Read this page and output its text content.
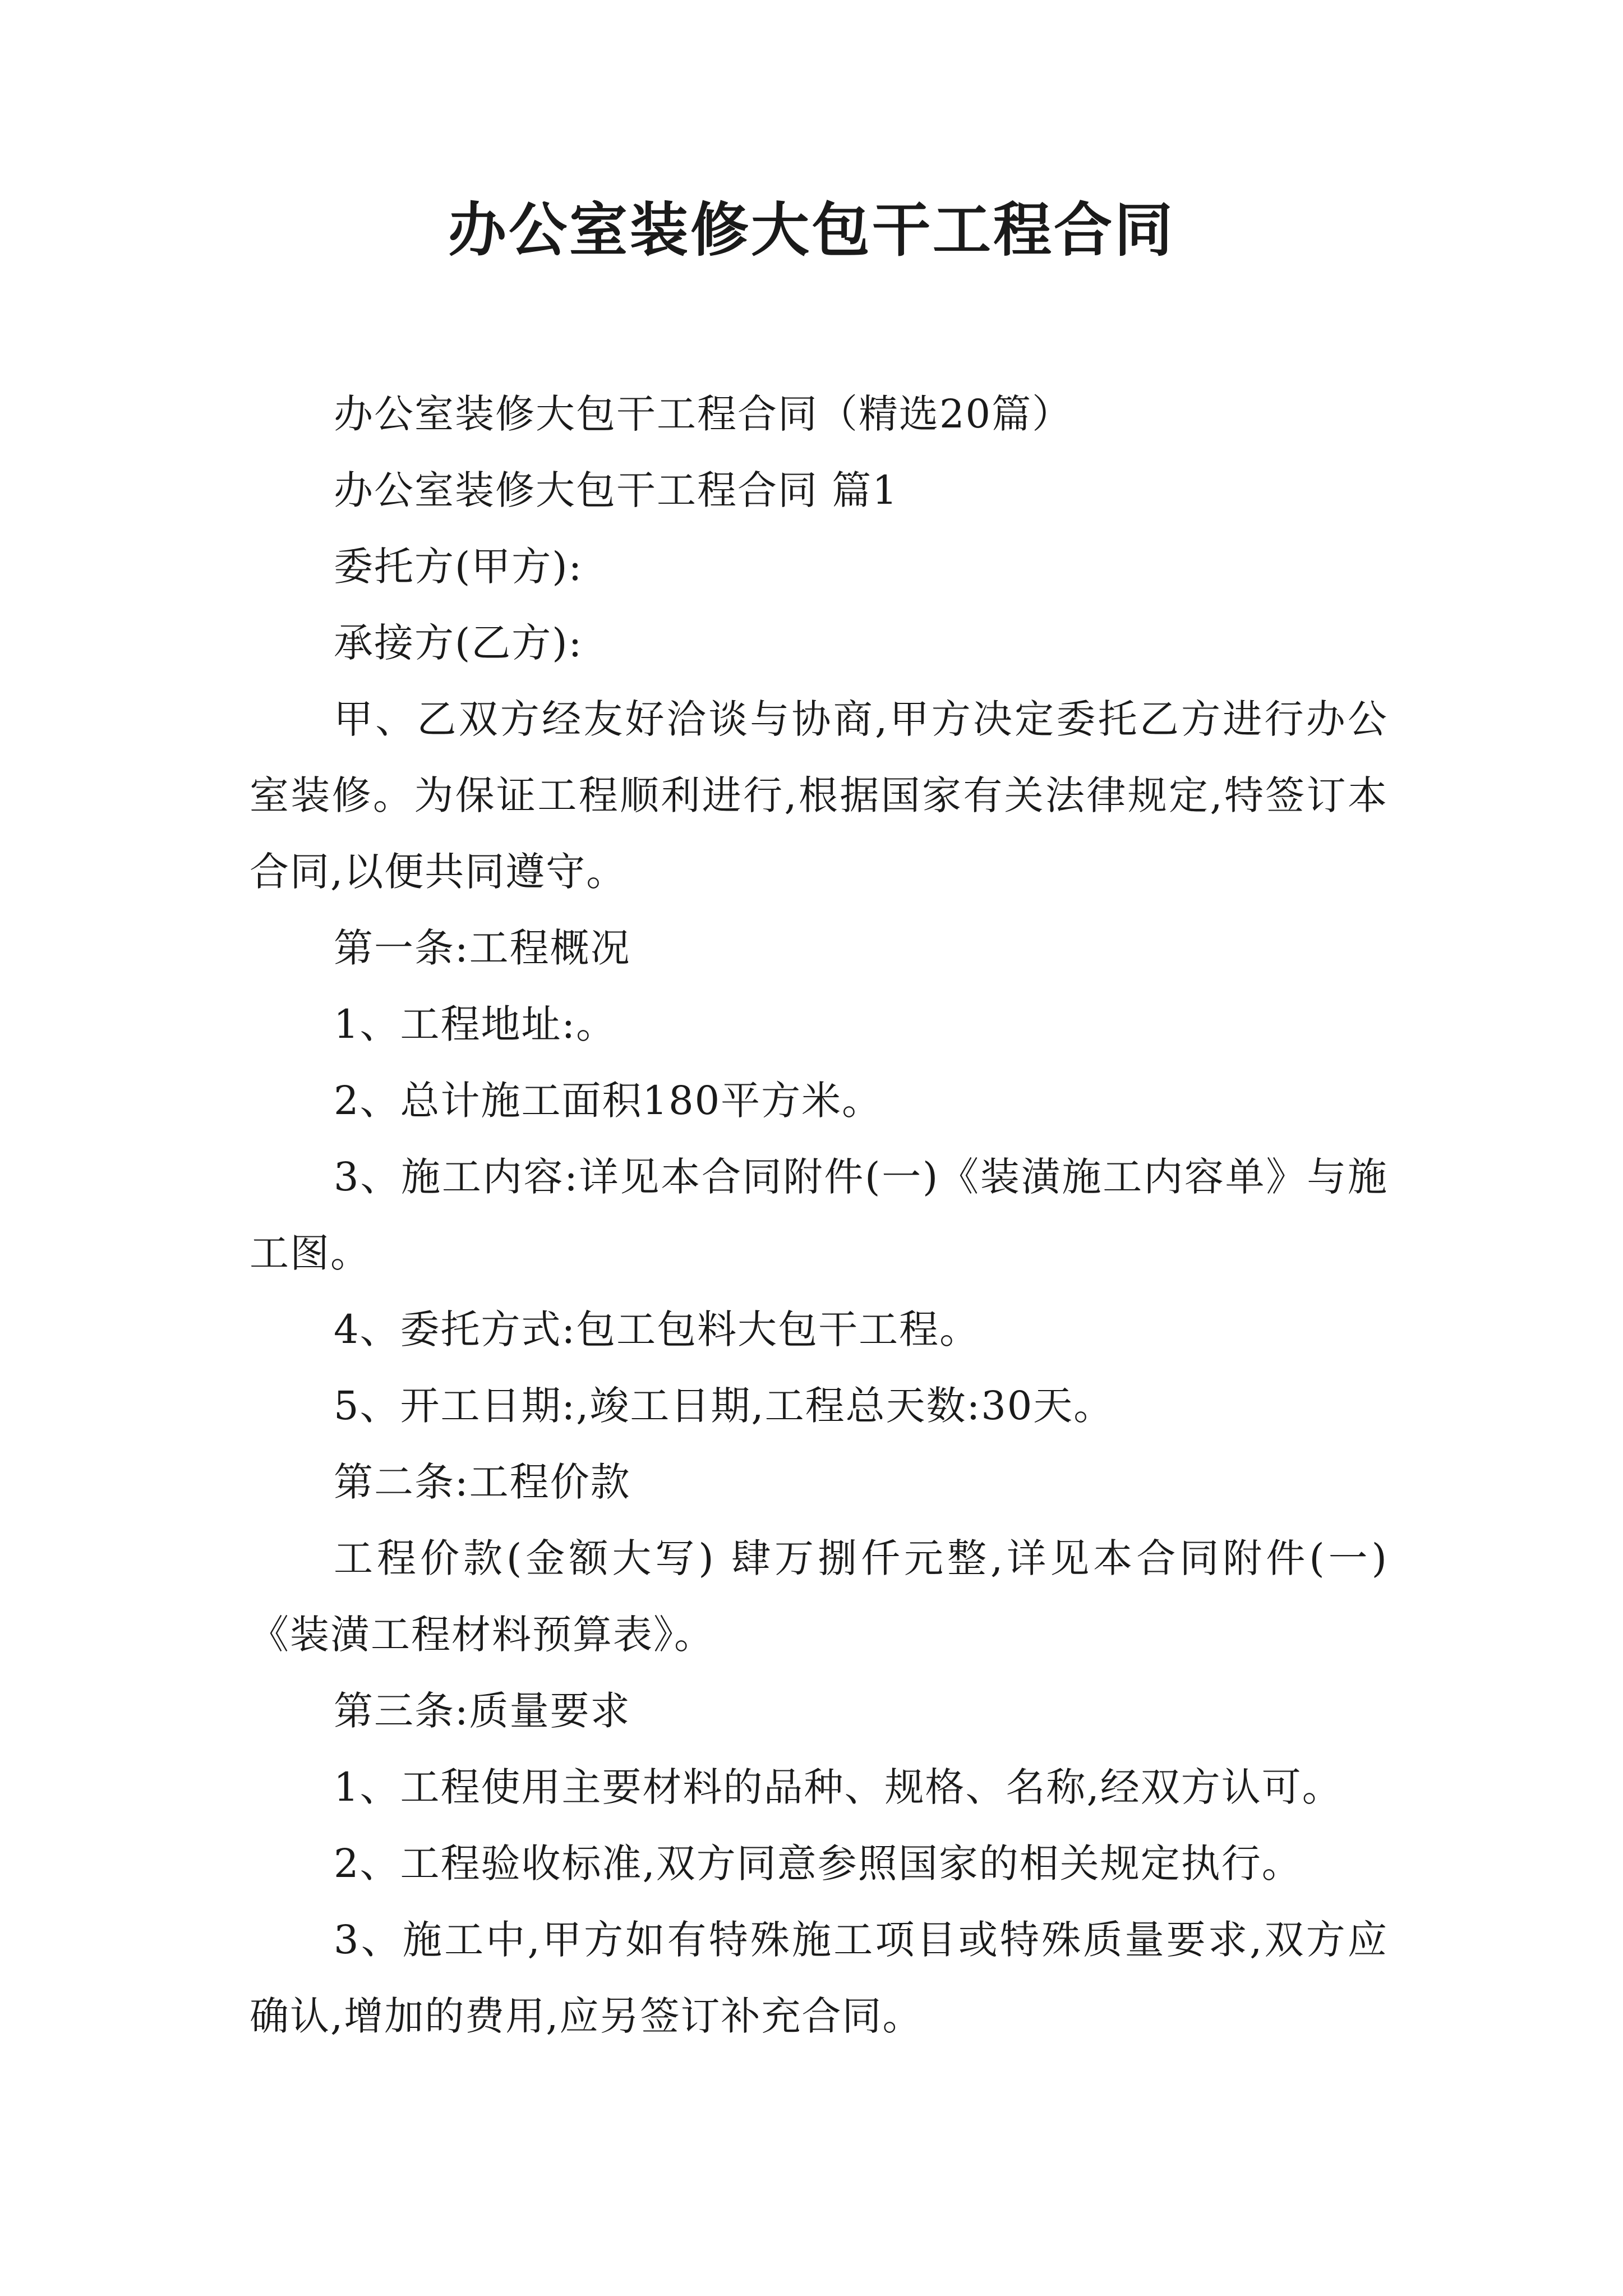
办公室装修大包干工程合同

办公室装修大包干工程合同（精选20篇）

办公室装修大包干工程合同 篇1

委托方(甲方):

承接方(乙方):

甲、乙双方经友好洽谈与协商,甲方决定委托乙方进行办公室装修。为保证工程顺利进行,根据国家有关法律规定,特签订本合同,以便共同遵守。

第一条:工程概况

1、工程地址:。

2、总计施工面积180平方米。

3、施工内容:详见本合同附件(一)《装潢施工内容单》与施工图。

4、委托方式:包工包料大包干工程。

5、开工日期:,竣工日期,工程总天数:30天。

第二条:工程价款

工程价款(金额大写) 肆万捌仟元整,详见本合同附件(一)《装潢工程材料预算表》。

第三条:质量要求

1、工程使用主要材料的品种、规格、名称,经双方认可。

2、工程验收标准,双方同意参照国家的相关规定执行。

3、施工中,甲方如有特殊施工项目或特殊质量要求,双方应确认,增加的费用,应另签订补充合同。
